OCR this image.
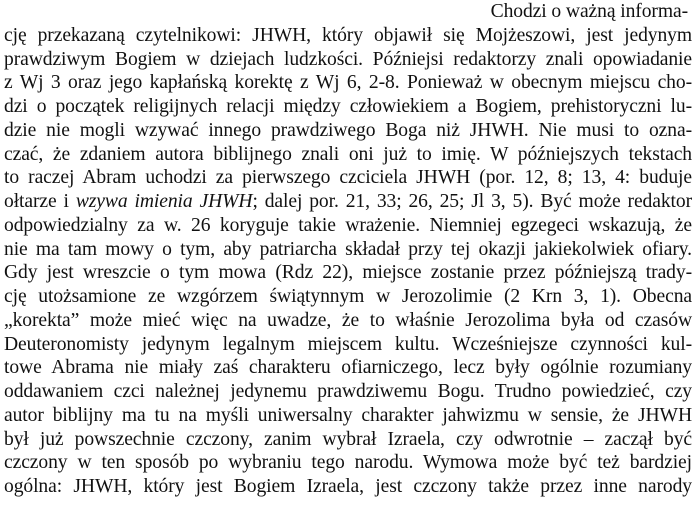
Chodzi o ważną informa-
cję przekazaną czytelnikowi: JHWH, który objawił się Mojżeszowi, jest jedynym
prawdziwym Bogiem w dziejach ludzkości. Późniejsi redaktorzy znali opowiadanie
z Wj 3 oraz jego kapłańską korektę z Wj 6, 2-8. Ponieważ w obecnym miejscu cho-
dzi o początek religijnych relacji między człowiekiem a Bogiem, prehistoryczni lu-
dzie nie mogli wzywać innego prawdziwego Boga niż JHWH. Nie musi to ozna-
czać, że zdaniem autora biblijnego znali oni już to imię. W późniejszych tekstach
to raczej Abram uchodzi za pierwszego czciciela JHWH (por. 12, 8; 13, 4: buduje
ołtarze i wzywa imienia JHWH; dalej por. 21, 33; 26, 25; Jl 3, 5). Być może redaktor
odpowiedzialny za w. 26 koryguje takie wrażenie. Niemniej egzegeci wskazują, że
nie ma tam mowy o tym, aby patriarcha składał przy tej okazji jakiekolwiek ofiary.
Gdy jest wreszcie o tym mowa (Rdz 22), miejsce zostanie przez późniejszą trady-
cję utożsamione ze wzgórzem świątynnym w Jerozolimie (2 Krn 3, 1). Obecna
„korekta” może mieć więc na uwadze, że to właśnie Jerozolima była od czasów
Deuteronomisty jedynym legalnym miejscem kultu. Wcześniejsze czynności kul-
towe Abrama nie miały zaś charakteru ofiarniczego, lecz były ogólnie rozumiany
oddawaniem czci należnej jedynemu prawdziwemu Bogu. Trudno powiedzieć, czy
autor biblijny ma tu na myśli uniwersalny charakter jahwizmu w sensie, że JHWH
był już powszechnie czczony, zanim wybrał Izraela, czy odwrotnie – zaczął być
czczony w ten sposób po wybraniu tego narodu. Wymowa może być też bardziej
ogólna: JHWH, który jest Bogiem Izraela, jest czczony także przez inne narody
